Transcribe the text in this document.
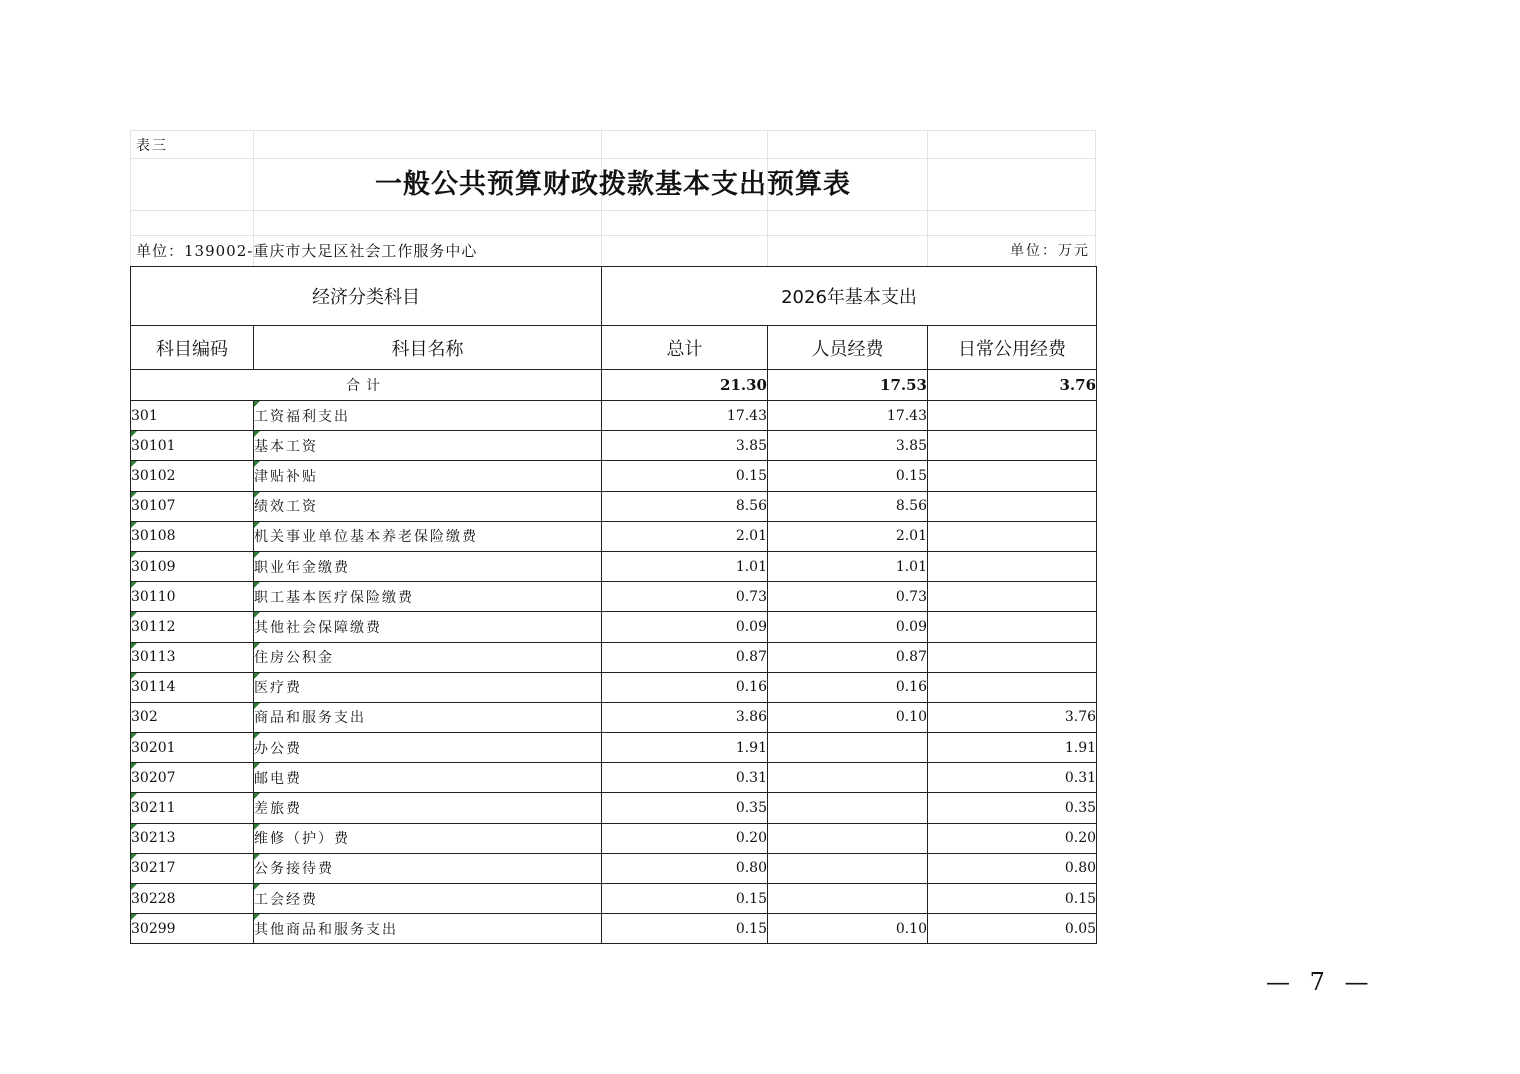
表三
一般公共预算财政拨款基本支出预算表
单位：139002-重庆市大足区社会工作服务中心	单位：万元
经济分类科目		2026年基本支出		
科目编码	科目名称	总计	人员经费	日常公用经费
合计		21.30	17.53	3.76
301	工资福利支出	17.43	17.43	

30101	基本工资	3.85	3.85	

30102	津贴补贴	0.15	0.15	

30107	绩效工资	8.56	8.56	

30108	机关事业单位基本养老保险缴费	2.01	2.01	

30109	职业年金缴费	1.01	1.01	

30110	职工基本医疗保险缴费	0.73	0.73	

30112	其他社会保障缴费	0.09	0.09	

30113	住房公积金	0.87	0.87	

30114	医疗费	0.16	0.16	
302	商品和服务支出	3.86	0.10	3.76

30201	办公费	1.91		1.91

30207	邮电费	0.31		0.31

30211	差旅费	0.35		0.35

30213	维修（护）费	0.20		0.20

30217	公务接待费	0.80		0.80

30228	工会经费	0.15		0.15

30299	其他商品和服务支出	0.15	0.10	0.05
— 7 —
